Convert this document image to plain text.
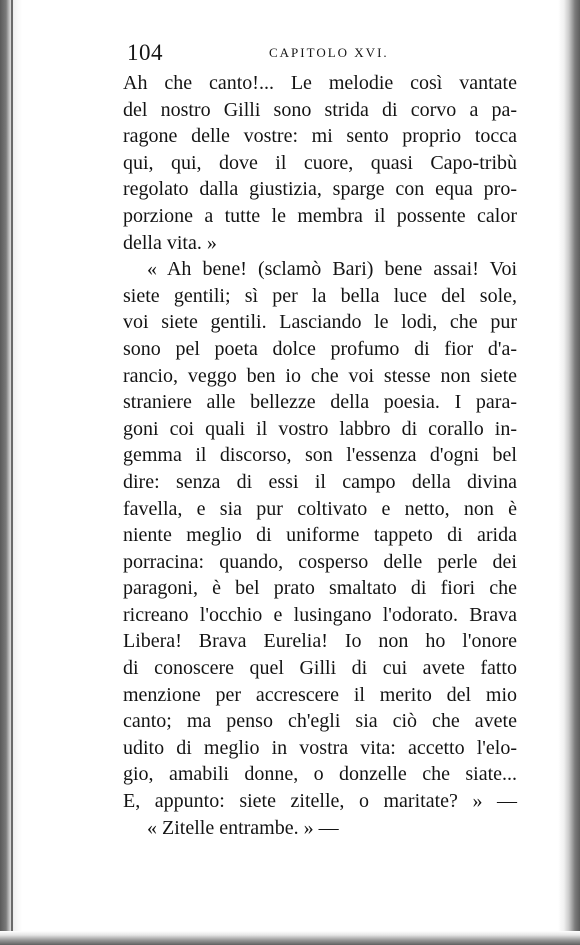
104	CAPITOLO XVI.
Ah che canto!... Le melodie così vantate
del nostro Gilli sono strida di corvo a pa-
ragone delle vostre: mi sento proprio tocca
qui, qui, dove il cuore, quasi Capo-tribù
regolato dalla giustizia, sparge con equa pro-
porzione a tutte le membra il possente calor
della vita. »
« Ah bene! (sclamò Bari) bene assai! Voi
siete gentili; sì per la bella luce del sole,
voi siete gentili. Lasciando le lodi, che pur
sono pel poeta dolce profumo di fior d'a-
rancio, veggo ben io che voi stesse non siete
straniere alle bellezze della poesia. I para-
goni coi quali il vostro labbro di corallo in-
gemma il discorso, son l'essenza d'ogni bel
dire: senza di essi il campo della divina
favella, e sia pur coltivato e netto, non è
niente meglio di uniforme tappeto di arida
porracina: quando, cosperso delle perle dei
paragoni, è bel prato smaltato di fiori che
ricreano l'occhio e lusingano l'odorato. Brava
Libera! Brava Eurelia! Io non ho l'onore
di conoscere quel Gilli di cui avete fatto
menzione per accrescere il merito del mio
canto; ma penso ch'egli sia ciò che avete
udito di meglio in vostra vita: accetto l'elo-
gio, amabili donne, o donzelle che siate...
E, appunto: siete zitelle, o maritate? » —
« Zitelle entrambe. » —
